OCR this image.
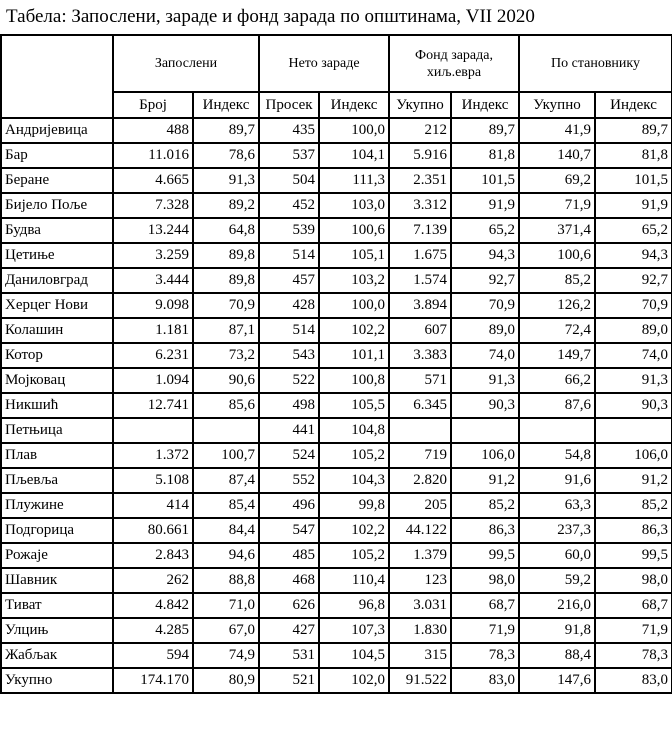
Табела: Запослени, зараде и фонд зарада по општинама, VII 2020
	Запослени		Нето зараде		Фонд зарада, хиљ.евра		По становнику	
	Број	Индекс	Просек	Индекс	Укупно	Индекс	Укупно	Индекс
Андријевица	488	89,7	435	100,0	212	89,7	41,9	89,7
Бар	11.016	78,6	537	104,1	5.916	81,8	140,7	81,8
Беране	4.665	91,3	504	111,3	2.351	101,5	69,2	101,5
Бијело Поље	7.328	89,2	452	103,0	3.312	91,9	71,9	91,9
Будва	13.244	64,8	539	100,6	7.139	65,2	371,4	65,2
Цетиње	3.259	89,8	514	105,1	1.675	94,3	100,6	94,3
Даниловград	3.444	89,8	457	103,2	1.574	92,7	85,2	92,7
Херцег Нови	9.098	70,9	428	100,0	3.894	70,9	126,2	70,9
Колашин	1.181	87,1	514	102,2	607	89,0	72,4	89,0
Котор	6.231	73,2	543	101,1	3.383	74,0	149,7	74,0
Мојковац	1.094	90,6	522	100,8	571	91,3	66,2	91,3
Никшић	12.741	85,6	498	105,5	6.345	90,3	87,6	90,3
Петњица			441	104,8				
Плав	1.372	100,7	524	105,2	719	106,0	54,8	106,0
Пљевља	5.108	87,4	552	104,3	2.820	91,2	91,6	91,2
Плужине	414	85,4	496	99,8	205	85,2	63,3	85,2
Подгорица	80.661	84,4	547	102,2	44.122	86,3	237,3	86,3
Рожаје	2.843	94,6	485	105,2	1.379	99,5	60,0	99,5
Шавник	262	88,8	468	110,4	123	98,0	59,2	98,0
Тиват	4.842	71,0	626	96,8	3.031	68,7	216,0	68,7
Улцињ	4.285	67,0	427	107,3	1.830	71,9	91,8	71,9
Жабљак	594	74,9	531	104,5	315	78,3	88,4	78,3
Укупно	174.170	80,9	521	102,0	91.522	83,0	147,6	83,0
